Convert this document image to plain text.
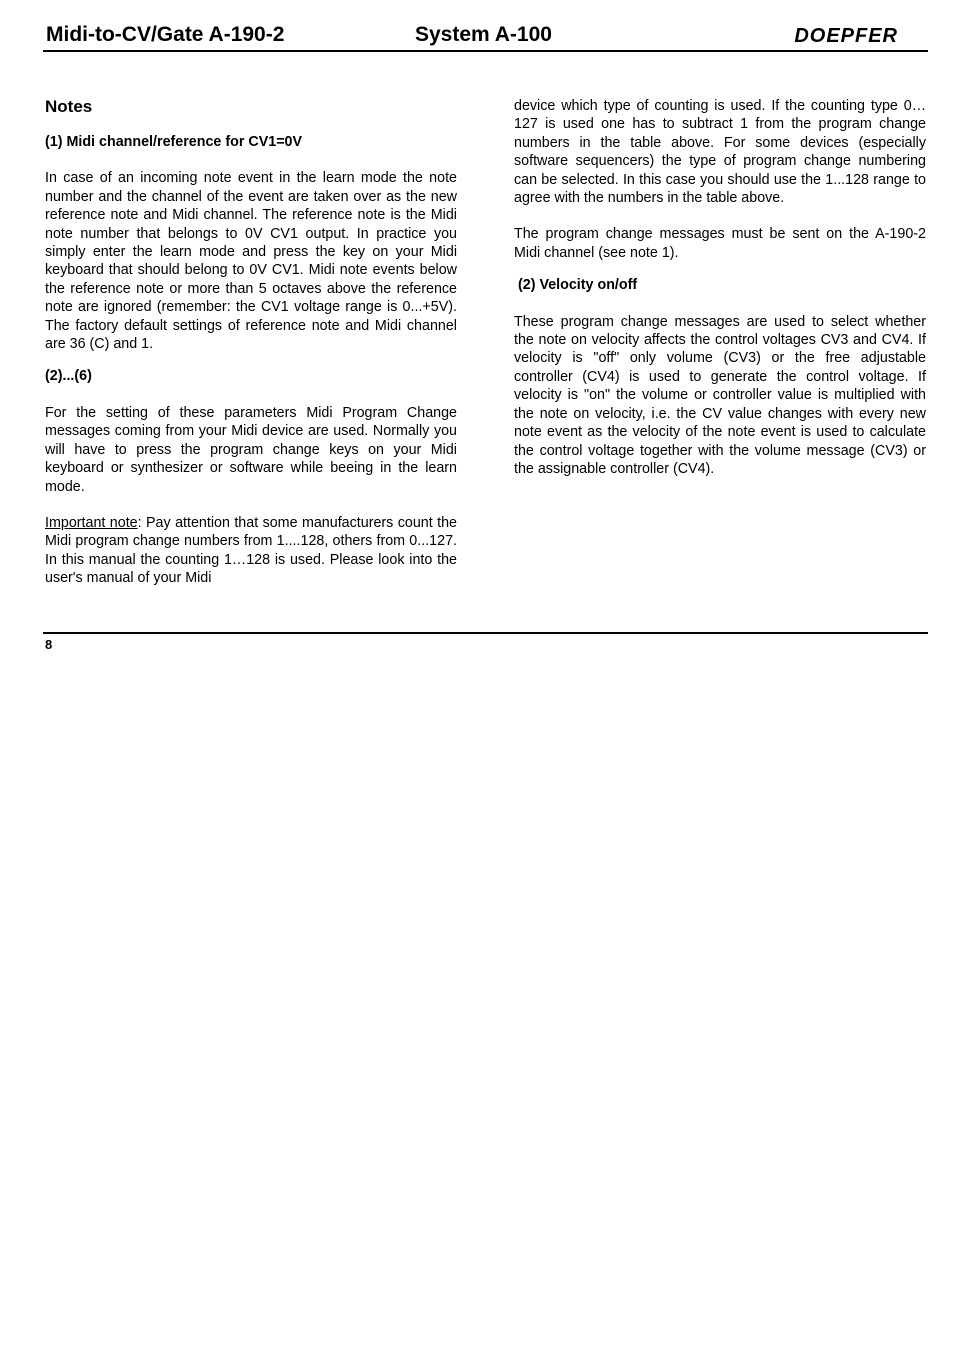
Midi-to-CV/Gate A-190-2	System A-100	DOEPFER
Notes
(1) Midi channel/reference for CV1=0V

In case of an incoming note event in the learn mode the note number and the channel of the event are taken over as the new reference note and Midi channel. The reference note is the Midi note number that belongs to 0V CV1 output. In practice you simply enter the learn mode and press the key on your Midi keyboard that should belong to 0V CV1. Midi note events below the reference note or more than 5 octaves above the reference note are ignored (remember: the CV1 voltage range is 0...+5V). The factory default settings of reference note and Midi channel are 36 (C) and 1.

(2)...(6)

For the setting of these parameters Midi Program Change messages coming from your Midi device are used. Normally you will have to press the program change keys on your Midi keyboard or synthesizer or software while beeing in the learn mode.

Important note: Pay attention that some manufacturers count the Midi program change numbers from 1....128, others from 0...127. In this manual the counting 1…128 is used. Please look into the user's manual of your Midi

device which type of counting is used. If the counting type 0…127 is used one has to subtract 1 from the program change numbers in the table above. For some devices (especially software sequencers) the type of program change numbering can be selected. In this case you should use the 1...128 range to agree with the numbers in the table above.

The program change messages must be sent on the A-190-2 Midi channel (see note 1).

(2) Velocity on/off

These program change messages are used to select whether the note on velocity affects the control voltages CV3 and CV4. If velocity is "off" only volume (CV3) or the free adjustable controller (CV4) is used to generate the control voltage. If velocity is "on" the volume or controller value is multiplied with the note on velocity, i.e. the CV value changes with every new note event as the velocity of the note event is used to calculate the control voltage together with the volume message (CV3) or the assignable controller (CV4).

8
